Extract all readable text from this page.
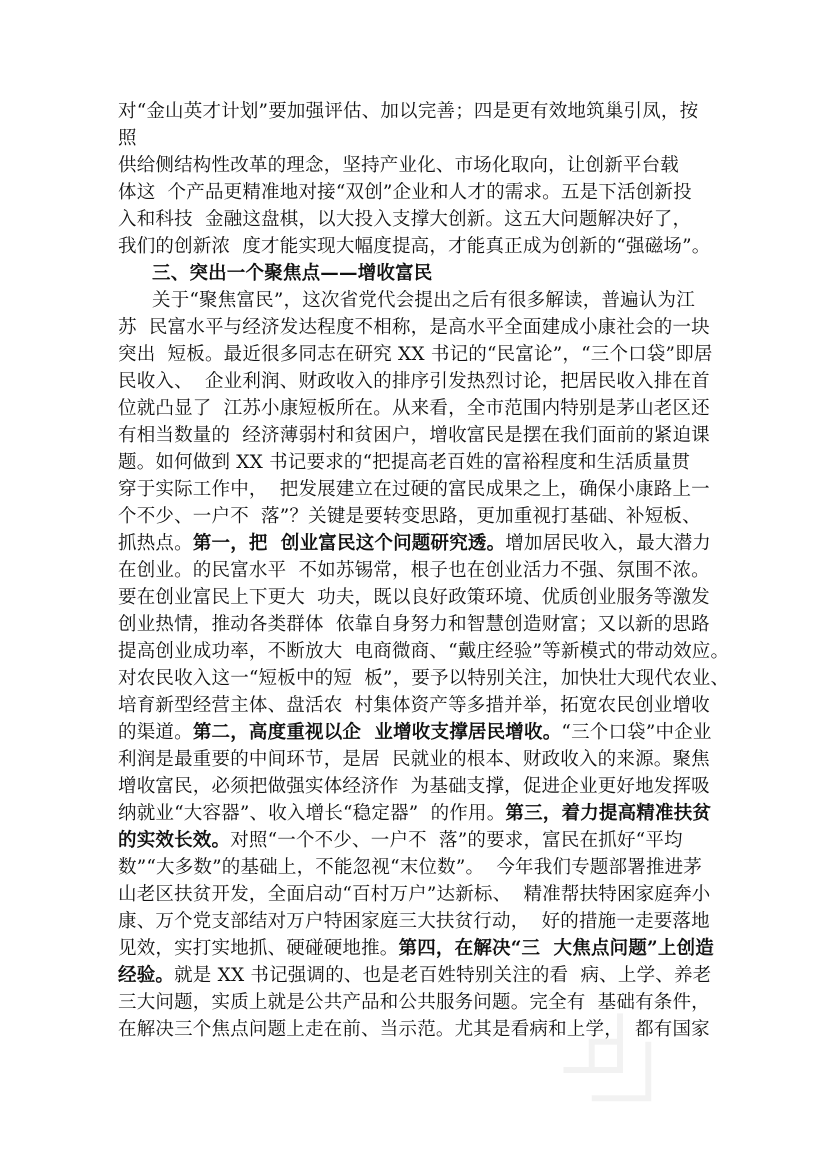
对“金山英才计划”要加强评估、加以完善；四是更有效地筑巢引凤，按
照
供给侧结构性改革的理念，坚持产业化、市场化取向，让创新平台载
体这  个产品更精准地对接“双创”企业和人才的需求。五是下活创新投
入和科技  金融这盘棋，以大投入支撑大创新。这五大问题解决好了，
我们的创新浓  度才能实现大幅度提高，才能真正成为创新的“强磁场”。
三、突出一个聚焦点——增收富民
关于“聚焦富民”，这次省党代会提出之后有很多解读，普遍认为江
苏  民富水平与经济发达程度不相称，是高水平全面建成小康社会的一块
突出  短板。最近很多同志在研究 XX 书记的“民富论”，“三个口袋”即居
民收入、  企业利润、财政收入的排序引发热烈讨论，把居民收入排在首
位就凸显了  江苏小康短板所在。从来看，全市范围内特别是茅山老区还
有相当数量的  经济薄弱村和贫困户，增收富民是摆在我们面前的紧迫课
题。如何做到 XX 书记要求的“把提高老百姓的富裕程度和生活质量贯
穿于实际工作中，  把发展建立在过硬的富民成果之上，确保小康路上一
个不少、一户不  落”？关键是要转变思路，更加重视打基础、补短板、
抓热点。第一，把  创业富民这个问题研究透。增加居民收入，最大潜力
在创业。的民富水平  不如苏锡常，根子也在创业活力不强、氛围不浓。
要在创业富民上下更大  功夫，既以良好政策环境、优质创业服务等激发
创业热情，推动各类群体  依靠自身努力和智慧创造财富；又以新的思路
提高创业成功率，不断放大  电商微商、“戴庄经验”等新模式的带动效应。
对农民收入这一“短板中的短  板”，要予以特别关注，加快壮大现代农业、
培育新型经营主体、盘活农  村集体资产等多措并举，拓宽农民创业增收
的渠道。第二，高度重视以企  业增收支撑居民增收。“三个口袋”中企业
利润是最重要的中间环节，是居  民就业的根本、财政收入的来源。聚焦
增收富民，必须把做强实体经济作  为基础支撑，促进企业更好地发挥吸
纳就业“大容器”、收入增长“稳定器”  的作用。第三，着力提高精准扶贫
的实效长效。对照“一个不少、一户不  落”的要求，富民在抓好“平均
数”“大多数”的基础上，不能忽视“末位数”。  今年我们专题部署推进茅
山老区扶贫开发，全面启动“百村万户”达新标、  精准帮扶特困家庭奔小
康、万个党支部结对万户特困家庭三大扶贫行动，  好的措施一走要落地
见效，实打实地抓、硬碰硬地推。第四，在解决“三  大焦点问题”上创造
经验。就是 XX 书记强调的、也是老百姓特别关注的看  病、上学、养老
三大问题，实质上就是公共产品和公共服务问题。完全有  基础有条件，
在解决三个焦点问题上走在前、当示范。尤其是看病和上学，  都有国家
